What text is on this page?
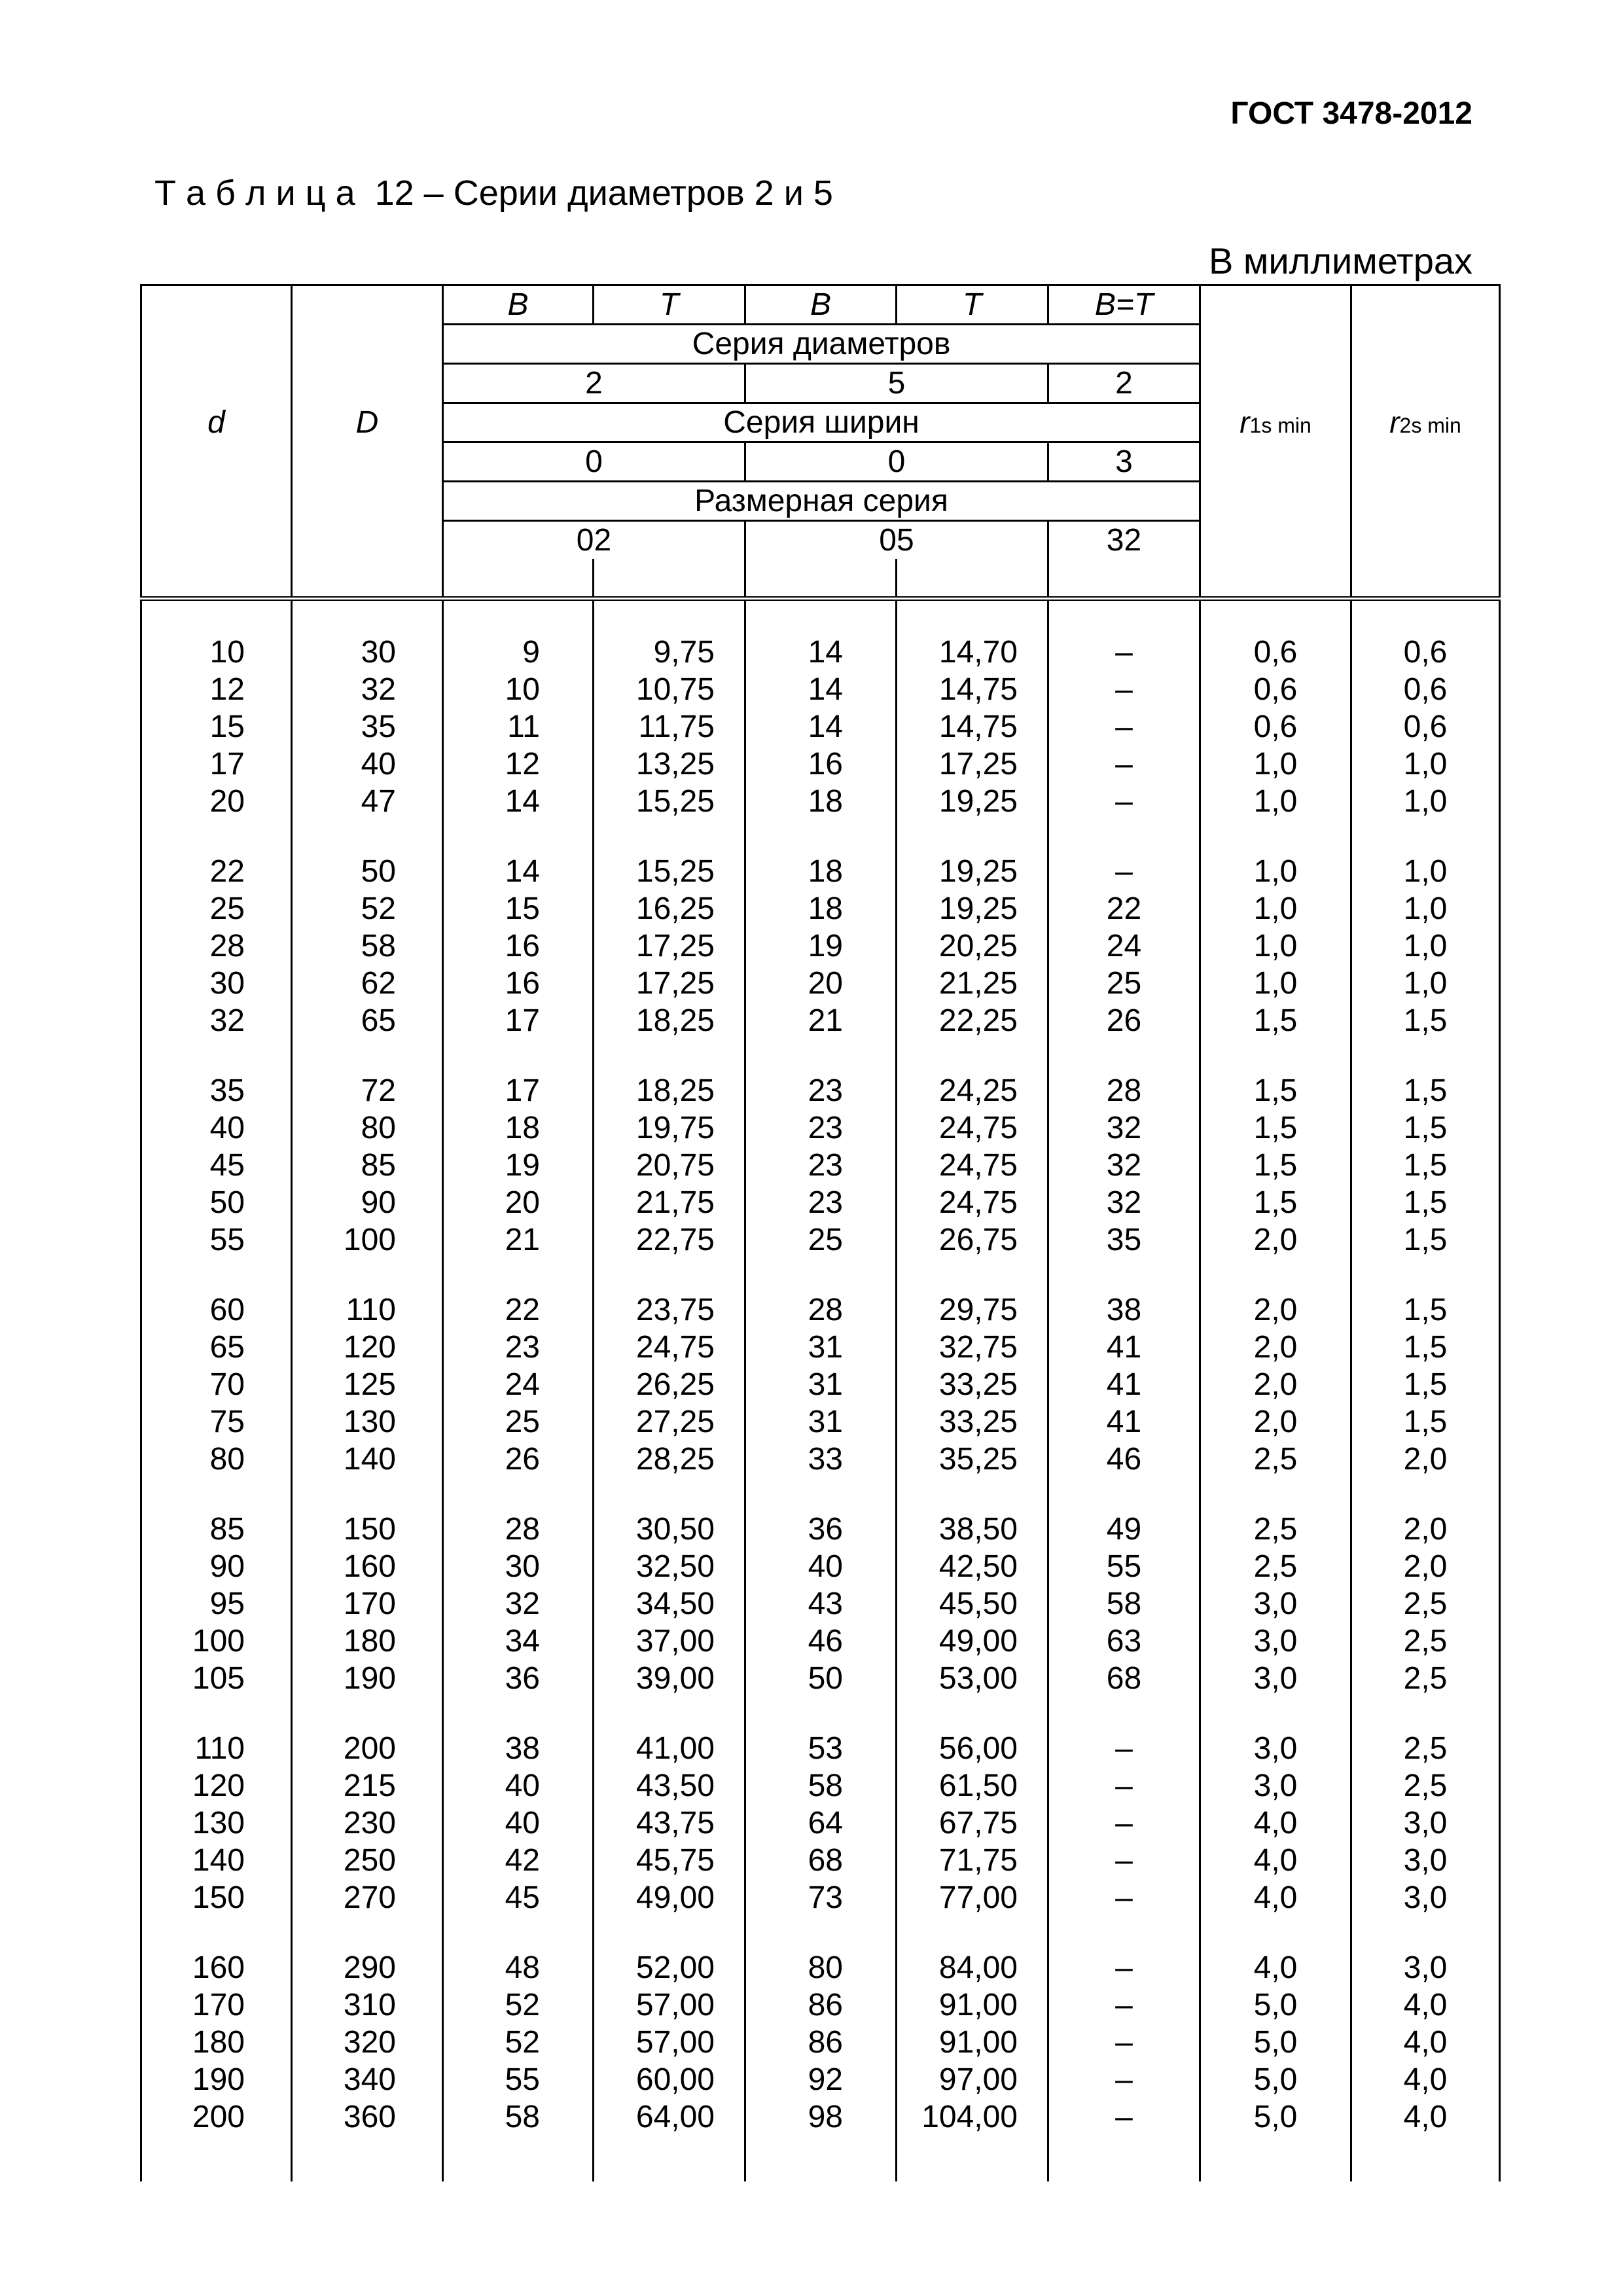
ГОСТ 3478-2012
Т а б л и ц а  12 – Серии диаметров 2 и 5
В миллиметрах
d	D	B	T	B	T	B=T	r1s min	r2s min
		Серия диаметров						
		2		5		2		
		Серия ширин						
		0		0		3		
		Размерная серия						
		02		05		32		

10	30	9	9,75	14	14,70	–	0,6	0,6
12	32	10	10,75	14	14,75	–	0,6	0,6
15	35	11	11,75	14	14,75	–	0,6	0,6
17	40	12	13,25	16	17,25	–	1,0	1,0
20	47	14	15,25	18	19,25	–	1,0	1,0
22	50	14	15,25	18	19,25	–	1,0	1,0
25	52	15	16,25	18	19,25	22	1,0	1,0
28	58	16	17,25	19	20,25	24	1,0	1,0
30	62	16	17,25	20	21,25	25	1,0	1,0
32	65	17	18,25	21	22,25	26	1,5	1,5
35	72	17	18,25	23	24,25	28	1,5	1,5
40	80	18	19,75	23	24,75	32	1,5	1,5
45	85	19	20,75	23	24,75	32	1,5	1,5
50	90	20	21,75	23	24,75	32	1,5	1,5
55	100	21	22,75	25	26,75	35	2,0	1,5
60	110	22	23,75	28	29,75	38	2,0	1,5
65	120	23	24,75	31	32,75	41	2,0	1,5
70	125	24	26,25	31	33,25	41	2,0	1,5
75	130	25	27,25	31	33,25	41	2,0	1,5
80	140	26	28,25	33	35,25	46	2,5	2,0
85	150	28	30,50	36	38,50	49	2,5	2,0
90	160	30	32,50	40	42,50	55	2,5	2,0
95	170	32	34,50	43	45,50	58	3,0	2,5
100	180	34	37,00	46	49,00	63	3,0	2,5
105	190	36	39,00	50	53,00	68	3,0	2,5
110	200	38	41,00	53	56,00	–	3,0	2,5
120	215	40	43,50	58	61,50	–	3,0	2,5
130	230	40	43,75	64	67,75	–	4,0	3,0
140	250	42	45,75	68	71,75	–	4,0	3,0
150	270	45	49,00	73	77,00	–	4,0	3,0
160	290	48	52,00	80	84,00	–	4,0	3,0
170	310	52	57,00	86	91,00	–	5,0	4,0
180	320	52	57,00	86	91,00	–	5,0	4,0
190	340	55	60,00	92	97,00	–	5,0	4,0
200	360	58	64,00	98	104,00	–	5,0	4,0
